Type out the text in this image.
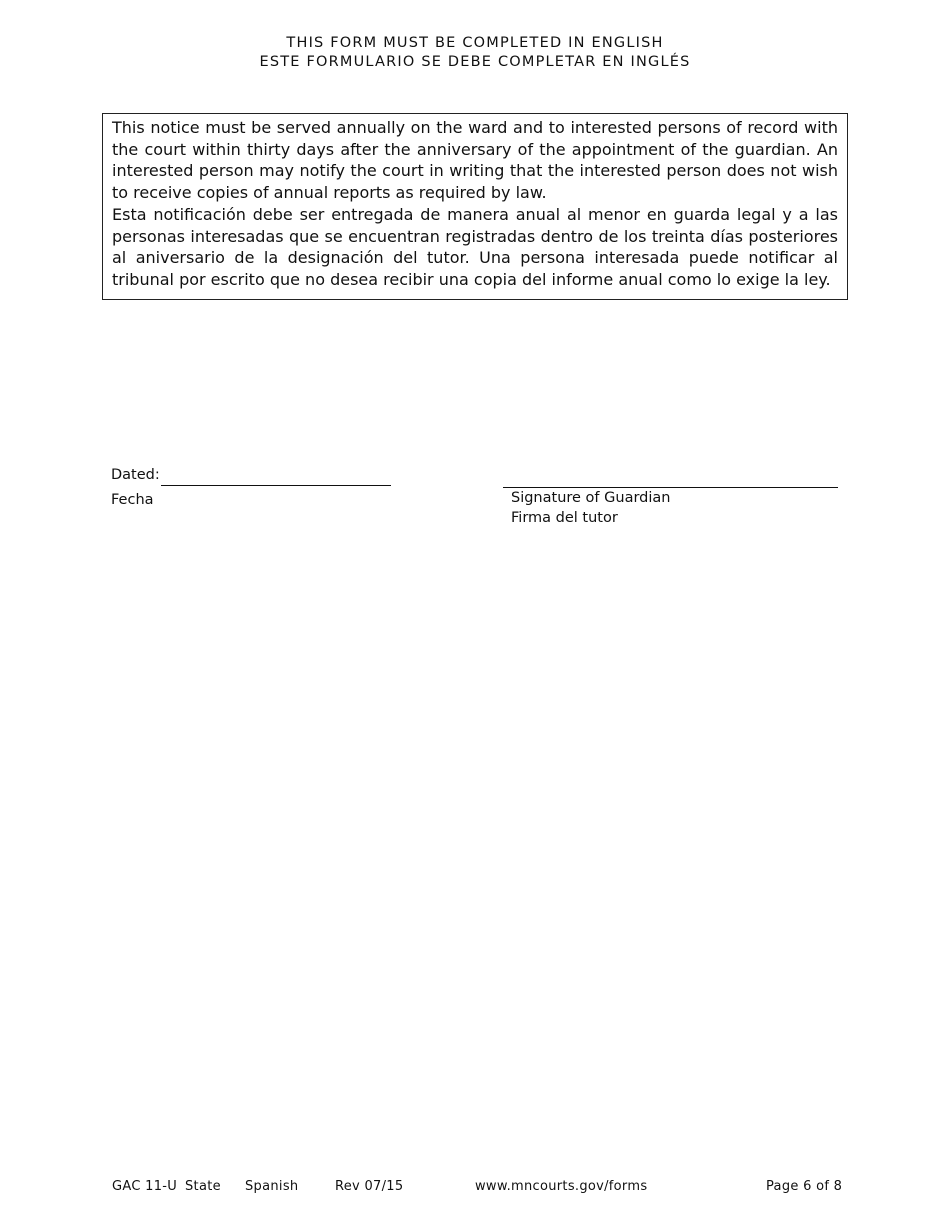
THIS FORM MUST BE COMPLETED IN ENGLISH
ESTE FORMULARIO SE DEBE COMPLETAR EN INGLÉS

This notice must be served annually on the ward and to interested persons of record with the court within thirty days after the anniversary of the appointment of the guardian. An interested person may notify the court in writing that the interested person does not wish to receive copies of annual reports as required by law.

Esta notificación debe ser entregada de manera anual al menor en guarda legal y a las personas interesadas que se encuentran registradas dentro de los treinta días posteriores al aniversario de la designación del tutor. Una persona interesada puede notificar al tribunal por escrito que no desea recibir una copia del informe anual como lo exige la ley.

Dated:
Fecha	Signature of Guardian
Firma del tutor
GAC 11-U State Spanish	Rev 07/15	www.mncourts.gov/forms	Page 6 of 8
